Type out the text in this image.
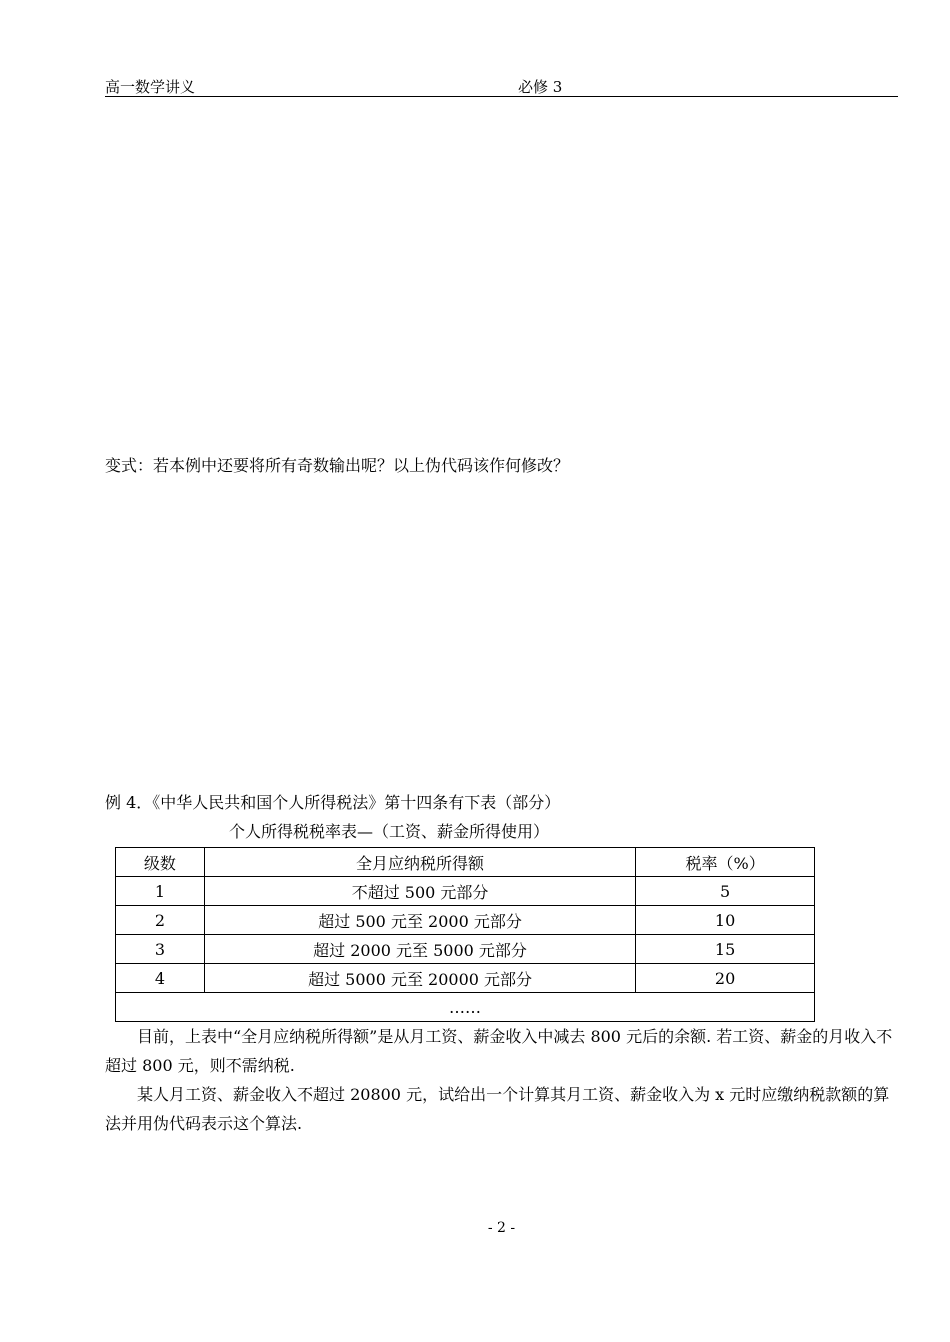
高一数学讲义	必修 3
变式：若本例中还要将所有奇数输出呢？以上伪代码该作何修改？
例 4．《中华人民共和国个人所得税法》第十四条有下表（部分）
个人所得税税率表—（工资、薪金所得使用）
级数	全月应纳税所得额	税率（%）
1	不超过 500 元部分	5
2	超过 500 元至 2000 元部分	10
3	超过 2000 元至 5000 元部分	15
4	超过 5000 元至 20000 元部分	20
……		
目前，上表中“全月应纳税所得额”是从月工资、薪金收入中减去 800 元后的余额. 若工资、薪金的月收入不超过 800 元，则不需纳税.
某人月工资、薪金收入不超过 20800 元，试给出一个计算其月工资、薪金收入为 x 元时应缴纳税款额的算法并用伪代码表示这个算法.
- 2 -
